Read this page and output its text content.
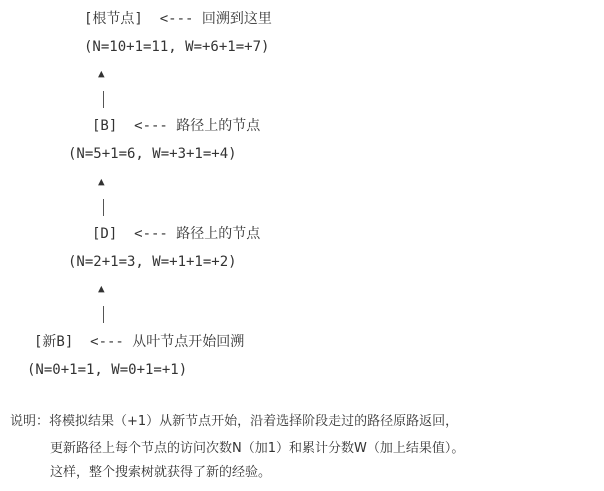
[根节点]  <--- 回溯到这里
(N=10+1=11, W=+6+1=+7)
▲
[B]  <--- 路径上的节点
(N=5+1=6, W=+3+1=+4)
▲
[D]  <--- 路径上的节点
(N=2+1=3, W=+1+1=+2)
▲
[新B]  <--- 从叶节点开始回溯
(N=0+1=1, W=0+1=+1)
说明：将模拟结果（+1）从新节点开始，沿着选择阶段走过的路径原路返回，
更新路径上每个节点的访问次数N（加1）和累计分数W（加上结果值）。
这样，整个搜索树就获得了新的经验。
